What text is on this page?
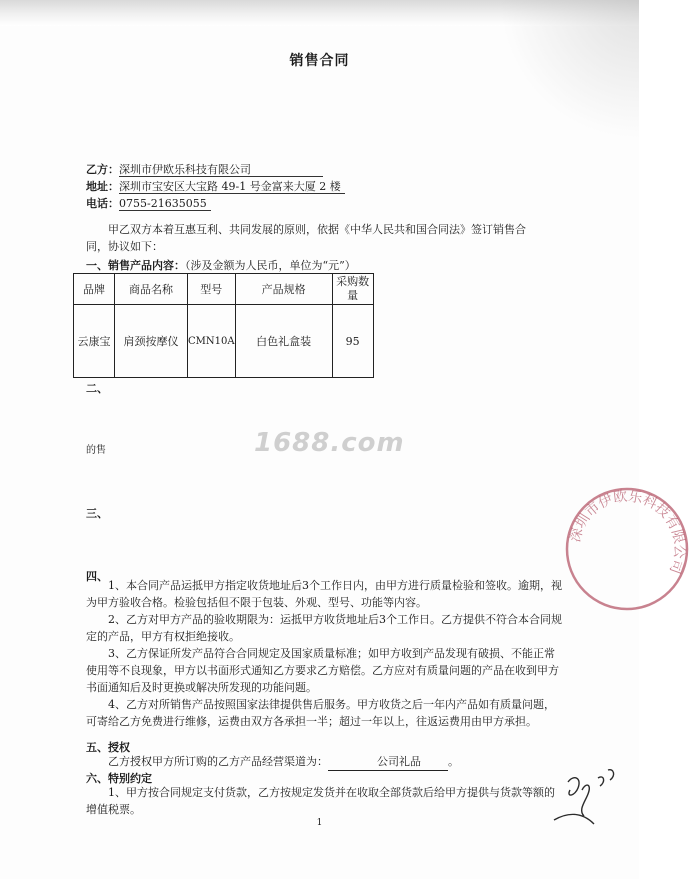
销售合同
乙方：深圳市伊欧乐科技有限公司
地址：深圳市宝安区大宝路 49-1 号金富来大厦 2 楼
电话：0755-21635055
甲乙双方本着互惠互利、共同发展的原则，依据《中华人民共和国合同法》签订销售合
同，协议如下：
一、销售产品内容：（涉及金额为人民币，单位为“元”）
品牌	商品名称	型号	产品规格	采购数量
云康宝	肩颈按摩仪	CMN10A	白色礼盒装	95
二、
1688.com
的售
三、
深圳市伊欧乐科技有限公司
四、
1、本合同产品运抵甲方指定收货地址后3个工作日内，由甲方进行质量检验和签收。逾期，视为甲方验收合格。检验包括但不限于包装、外观、型号、功能等内容。
2、乙方对甲方产品的验收期限为：运抵甲方收货地址后3个工作日。乙方提供不符合本合同规定的产品，甲方有权拒绝接收。
3、乙方保证所发产品符合合同规定及国家质量标准；如甲方收到产品发现有破损、不能正常使用等不良现象，甲方以书面形式通知乙方要求乙方赔偿。乙方应对有质量问题的产品在收到甲方书面通知后及时更换或解决所发现的功能问题。
4、乙方对所销售产品按照国家法律提供售后服务。甲方收货之后一年内产品如有质量问题，可寄给乙方免费进行维修，运费由双方各承担一半；超过一年以上，往返运费用由甲方承担。
五、授权
乙方授权甲方所订购的乙方产品经营渠道为：	公司礼品 。
六、特别约定
1、甲方按合同规定支付货款，乙方按规定发货并在收取全部货款后给甲方提供与货款等额的增值税票。
1
